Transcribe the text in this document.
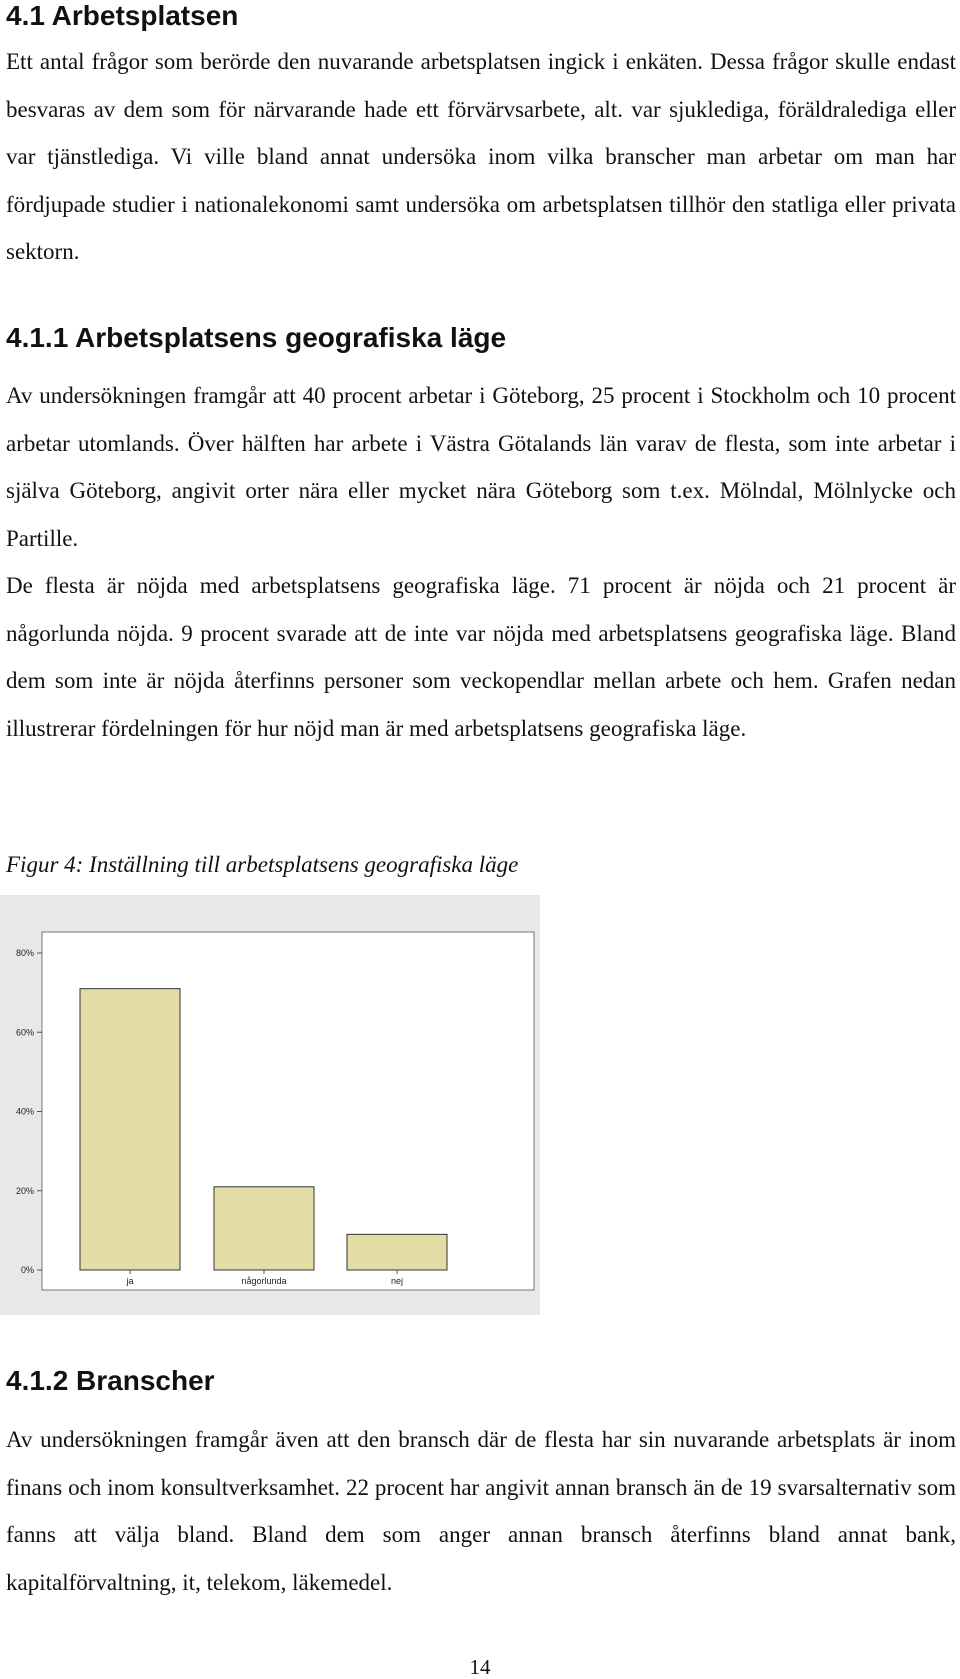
4.1 Arbetsplatsen

Ett antal frågor som berörde den nuvarande arbetsplatsen ingick i enkäten. Dessa frågor skulle endast besvaras av dem som för närvarande hade ett förvärvsarbete, alt. var sjuklediga, föräldralediga eller var tjänstlediga. Vi ville bland annat undersöka inom vilka branscher man arbetar om man har fördjupade studier i nationalekonomi samt undersöka om arbetsplatsen tillhör den statliga eller privata sektorn.

4.1.1 Arbetsplatsens geografiska läge

Av undersökningen framgår att 40 procent arbetar i Göteborg, 25 procent i Stockholm och 10 procent arbetar utomlands. Över hälften har arbete i Västra Götalands län varav de flesta, som inte arbetar i själva Göteborg, angivit orter nära eller mycket nära Göteborg som t.ex. Mölndal, Mölnlycke och Partille.

De flesta är nöjda med arbetsplatsens geografiska läge. 71 procent är nöjda och 21 procent är någorlunda nöjda. 9 procent svarade att de inte var nöjda med arbetsplatsens geografiska läge. Bland dem som inte är nöjda återfinns personer som veckopendlar mellan arbete och hem. Grafen nedan illustrerar fördelningen för hur nöjd man är med arbetsplatsens geografiska läge.

Figur 4: Inställning till arbetsplatsens geografiska läge

0%
20%
40%
60%
80%
ja	någorlunda	nej
4.1.2 Branscher

Av undersökningen framgår även att den bransch där de flesta har sin nuvarande arbetsplats är inom finans och inom konsultverksamhet. 22 procent har angivit annan bransch än de 19 svarsalternativ som fanns att välja bland. Bland dem som anger annan bransch återfinns bland annat bank, kapitalförvaltning, it, telekom, läkemedel.

14
